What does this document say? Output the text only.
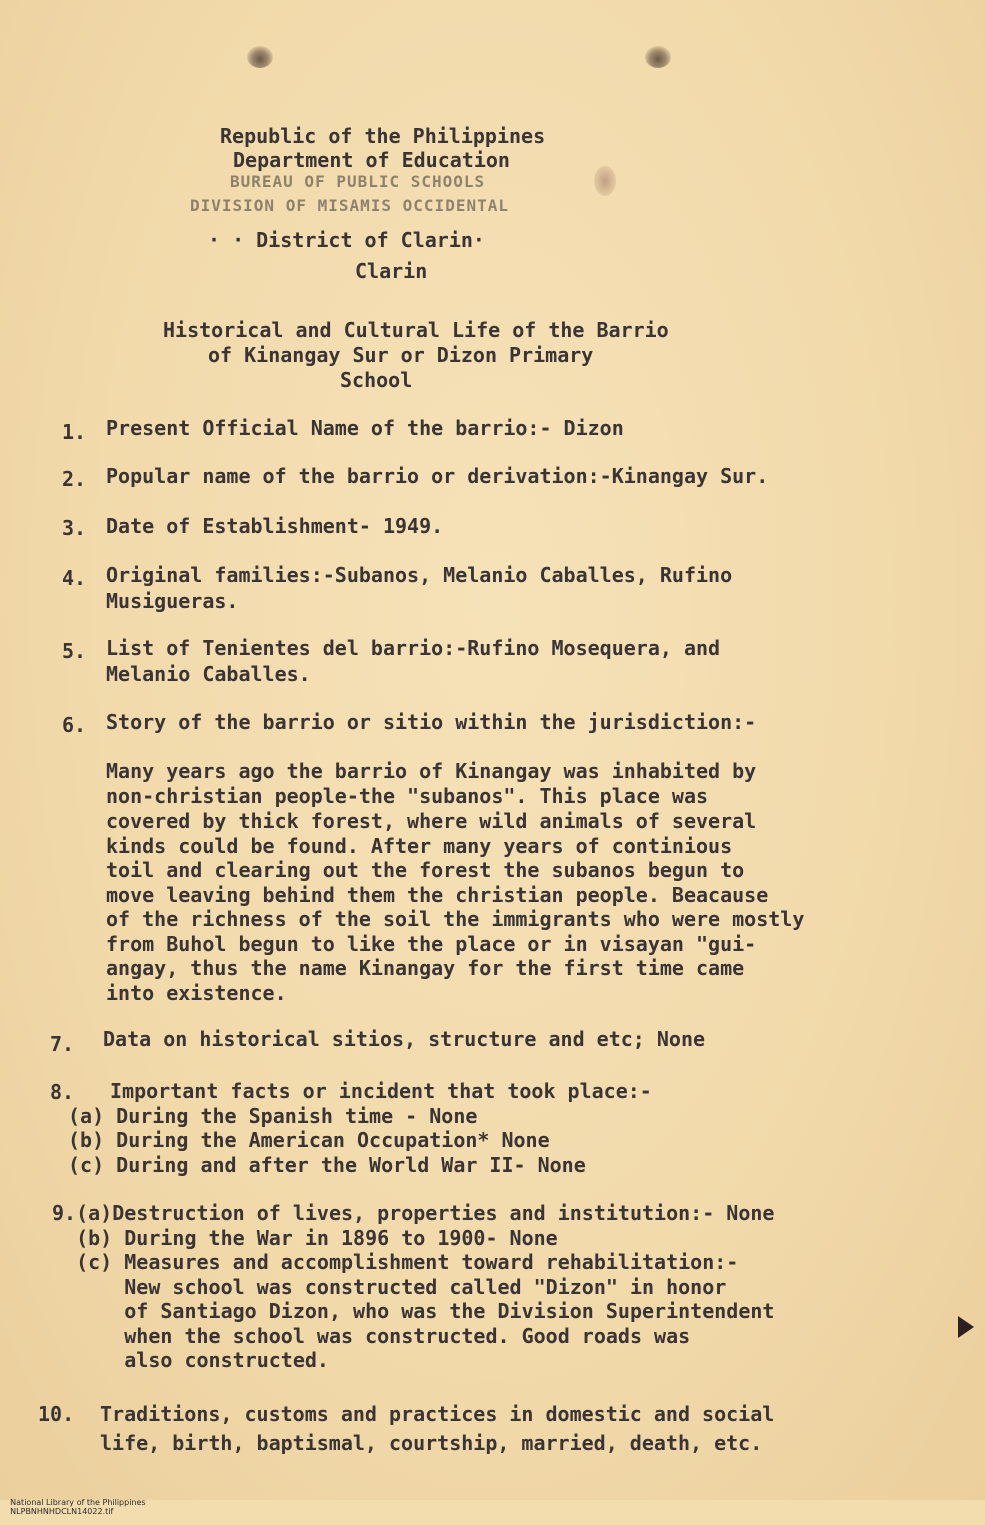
Republic of the Philippines
Department of Education
BUREAU OF PUBLIC SCHOOLS
DIVISION OF MISAMIS OCCIDENTAL
· · District of Clarin·
Clarin
Historical and Cultural Life of the Barrio
of Kinangay Sur or Dizon Primary
School
1. Present Official Name of the barrio:- Dizon
2. Popular name of the barrio or derivation:-Kinangay Sur.
3. Date of Establishment- 1949.
4. Original families:-Subanos, Melanio Caballes, Rufino
Musigueras.
5. List of Tenientes del barrio:-Rufino Mosequera, and
Melanio Caballes.
6. Story of the barrio or sitio within the jurisdiction:-
Many years ago the barrio of Kinangay was inhabited by
non-christian people-the "subanos". This place was
covered by thick forest, where wild animals of several
kinds could be found. After many years of continious
toil and clearing out the forest the subanos begun to
move leaving behind them the christian people. Beacause
of the richness of the soil the immigrants who were mostly
from Buhol begun to like the place or in visayan "gui-
angay, thus the name Kinangay for the first time came
into existence.
7. Data on historical sitios, structure and etc; None
8. Important facts or incident that took place:-
(a) During the Spanish time - None
(b) During the American Occupation* None
(c) During and after the World War II- None
9.(a)Destruction of lives, properties and institution:- None
(b) During the War in 1896 to 1900- None
(c) Measures and accomplishment toward rehabilitation:-
New school was constructed called "Dizon" in honor
of Santiago Dizon, who was the Division Superintendent
when the school was constructed. Good roads was
also constructed.
10. Traditions, customs and practices in domestic and social
life, birth, baptismal, courtship, married, death, etc.

National Library of the Philippines
NLPBNHNHDCLN14022.tif
